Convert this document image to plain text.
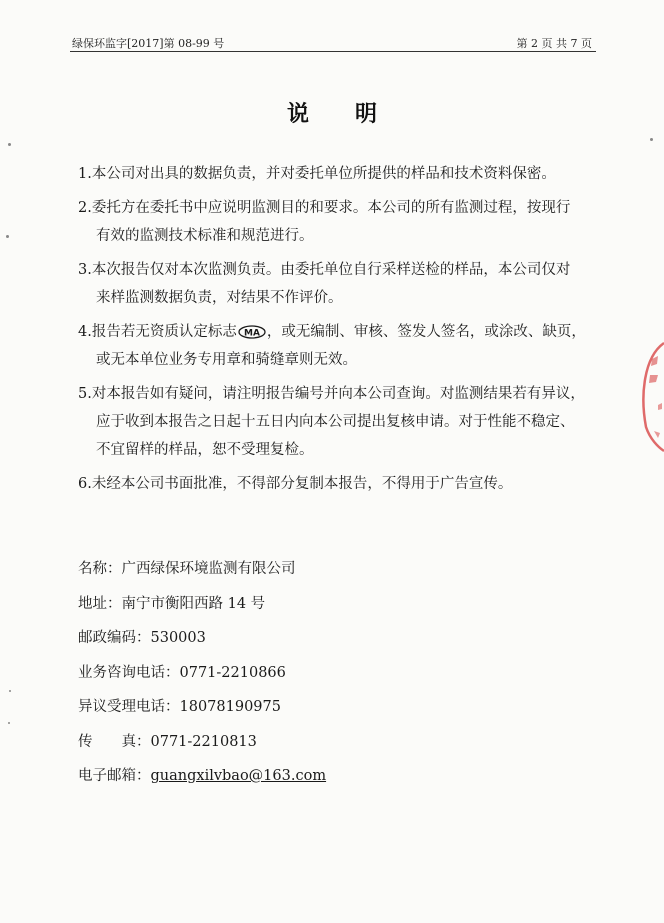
绿保环监字[2017]第 08-99 号	第 2 页 共 7 页
说明
1.本公司对出具的数据负责，并对委托单位所提供的样品和技术资料保密。
2.委托方在委托书中应说明监测目的和要求。本公司的所有监测过程，按现行
有效的监测技术标准和规范进行。
3.本次报告仅对本次监测负责。由委托单位自行采样送检的样品，本公司仅对
来样监测数据负责，对结果不作评价。
4.报告若无资质认定标志 MA ，或无编制、审核、签发人签名，或涂改、缺页，
或无本单位业务专用章和骑缝章则无效。
5.对本报告如有疑问，请注明报告编号并向本公司查询。对监测结果若有异议，
应于收到本报告之日起十五日内向本公司提出复核申请。对于性能不稳定、
不宜留样的样品，恕不受理复检。
6.未经本公司书面批准，不得部分复制本报告，不得用于广告宣传。
名称：广西绿保环境监测有限公司
地址：南宁市衡阳西路 14 号
邮政编码：530003
业务咨询电话：0771-2210866
异议受理电话：18078190975
传　　真：0771-2210813
电子邮箱：guangxilvbao@163.com
